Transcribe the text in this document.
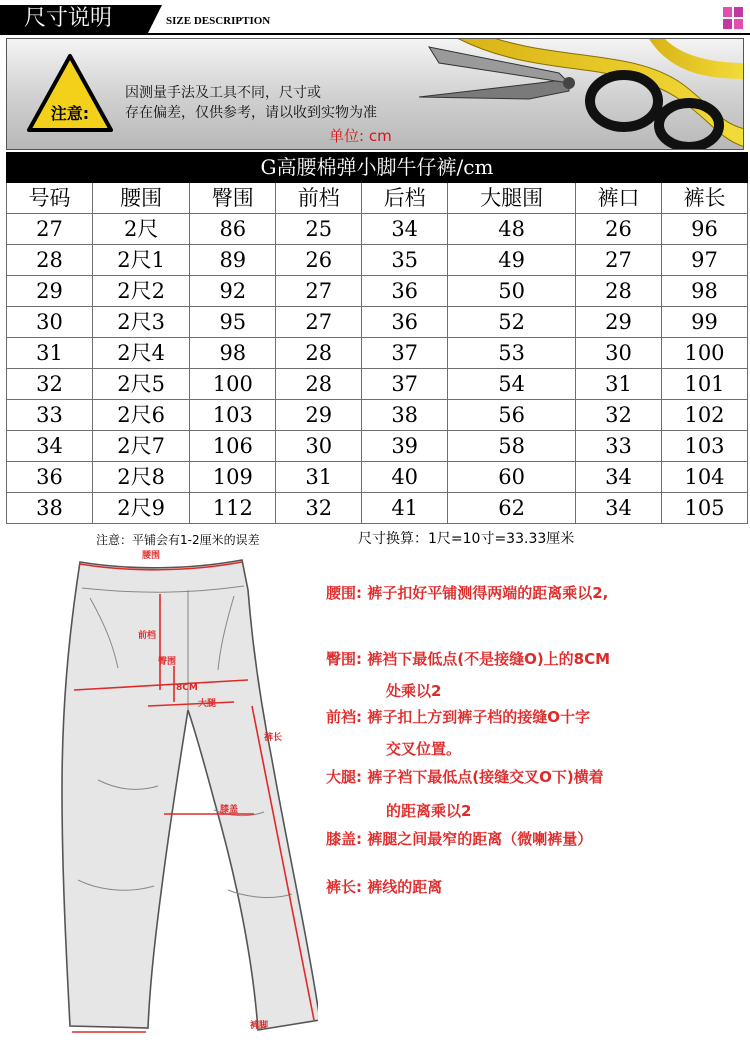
尺寸说明	SIZE DESCRIPTION
注意:
因测量手法及工具不同，尺寸或
存在偏差，仅供参考，请以收到实物为准
单位: cm
G高腰棉弹小脚牛仔裤/cm							
号码	腰围	臀围	前档	后档	大腿围	裤口	裤长
27	2尺	86	25	34	48	26	96
28	2尺1	89	26	35	49	27	97
29	2尺2	92	27	36	50	28	98
30	2尺3	95	27	36	52	29	99
31	2尺4	98	28	37	53	30	100
32	2尺5	100	28	37	54	31	101
33	2尺6	103	29	38	56	32	102
34	2尺7	106	30	39	58	33	103
36	2尺8	109	31	40	60	34	104
38	2尺9	112	32	41	62	34	105
注意：平铺会有1-2厘米的误差	尺寸换算：1尺=10寸=33.33厘米
腰围
前档
臀围
8CM
大腿
裤长
膝盖
裤脚
腰围: 裤子扣好平铺测得两端的距离乘以2,
臀围: 裤裆下最低点(不是接缝O)上的8CM
处乘以2
前裆: 裤子扣上方到裤子档的接缝O十字
交叉位置。
大腿: 裤子裆下最低点(接缝交叉O下)横着
的距离乘以2
膝盖: 裤腿之间最窄的距离（微喇裤量）
裤长: 裤线的距离
